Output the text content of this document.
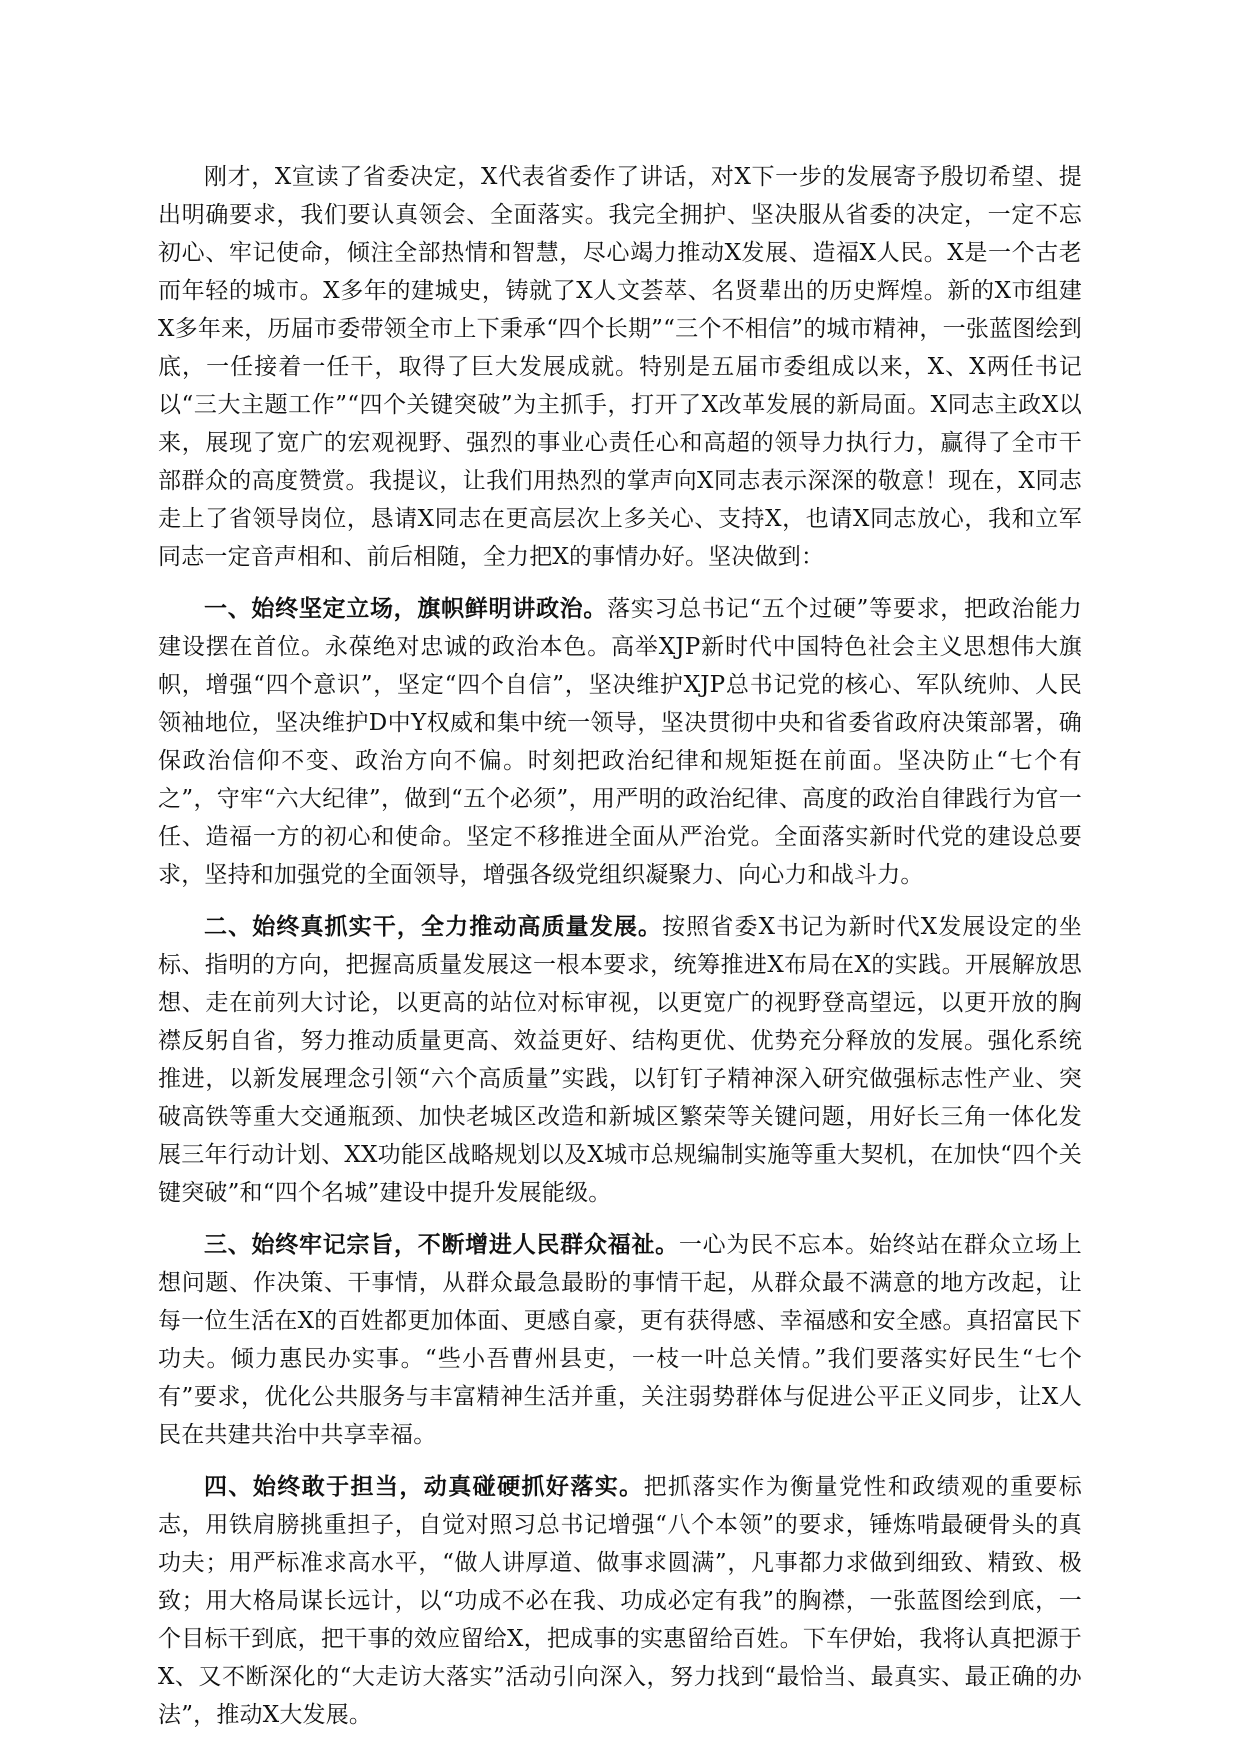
刚才，X宣读了省委决定，X代表省委作了讲话，对X下一步的发展寄予殷切希望、提出明确要求，我们要认真领会、全面落实。我完全拥护、坚决服从省委的决定，一定不忘初心、牢记使命，倾注全部热情和智慧，尽心竭力推动X发展、造福X人民。X是一个古老而年轻的城市。X多年的建城史，铸就了X人文荟萃、名贤辈出的历史辉煌。新的X市组建X多年来，历届市委带领全市上下秉承“四个长期”“三个不相信”的城市精神，一张蓝图绘到底，一任接着一任干，取得了巨大发展成就。特别是五届市委组成以来，X、X两任书记以“三大主题工作”“四个关键突破”为主抓手，打开了X改革发展的新局面。X同志主政X以来，展现了宽广的宏观视野、强烈的事业心责任心和高超的领导力执行力，赢得了全市干部群众的高度赞赏。我提议，让我们用热烈的掌声向X同志表示深深的敬意！现在，X同志走上了省领导岗位，恳请X同志在更高层次上多关心、支持X，也请X同志放心，我和立军同志一定音声相和、前后相随，全力把X的事情办好。坚决做到：

一、始终坚定立场，旗帜鲜明讲政治。落实习总书记“五个过硬”等要求，把政治能力建设摆在首位。永葆绝对忠诚的政治本色。高举XJP新时代中国特色社会主义思想伟大旗帜，增强“四个意识”，坚定“四个自信”，坚决维护XJP总书记党的核心、军队统帅、人民领袖地位，坚决维护D中Y权威和集中统一领导，坚决贯彻中央和省委省政府决策部署，确保政治信仰不变、政治方向不偏。时刻把政治纪律和规矩挺在前面。坚决防止“七个有之”，守牢“六大纪律”，做到“五个必须”，用严明的政治纪律、高度的政治自律践行为官一任、造福一方的初心和使命。坚定不移推进全面从严治党。全面落实新时代党的建设总要求，坚持和加强党的全面领导，增强各级党组织凝聚力、向心力和战斗力。

二、始终真抓实干，全力推动高质量发展。按照省委X书记为新时代X发展设定的坐标、指明的方向，把握高质量发展这一根本要求，统筹推进X布局在X的实践。开展解放思想、走在前列大讨论，以更高的站位对标审视，以更宽广的视野登高望远，以更开放的胸襟反躬自省，努力推动质量更高、效益更好、结构更优、优势充分释放的发展。强化系统推进，以新发展理念引领“六个高质量”实践，以钉钉子精神深入研究做强标志性产业、突破高铁等重大交通瓶颈、加快老城区改造和新城区繁荣等关键问题，用好长三角一体化发展三年行动计划、XX功能区战略规划以及X城市总规编制实施等重大契机，在加快“四个关键突破”和“四个名城”建设中提升发展能级。

三、始终牢记宗旨，不断增进人民群众福祉。一心为民不忘本。始终站在群众立场上想问题、作决策、干事情，从群众最急最盼的事情干起，从群众最不满意的地方改起，让每一位生活在X的百姓都更加体面、更感自豪，更有获得感、幸福感和安全感。真招富民下功夫。倾力惠民办实事。“些小吾曹州县吏，一枝一叶总关情。”我们要落实好民生“七个有”要求，优化公共服务与丰富精神生活并重，关注弱势群体与促进公平正义同步，让X人民在共建共治中共享幸福。

四、始终敢于担当，动真碰硬抓好落实。把抓落实作为衡量党性和政绩观的重要标志，用铁肩膀挑重担子，自觉对照习总书记增强“八个本领”的要求，锤炼啃最硬骨头的真功夫；用严标准求高水平，“做人讲厚道、做事求圆满”，凡事都力求做到细致、精致、极致；用大格局谋长远计，以“功成不必在我、功成必定有我”的胸襟，一张蓝图绘到底，一个目标干到底，把干事的效应留给X，把成事的实惠留给百姓。下车伊始，我将认真把源于X、又不断深化的“大走访大落实”活动引向深入，努力找到“最恰当、最真实、最正确的办法”，推动X大发展。
